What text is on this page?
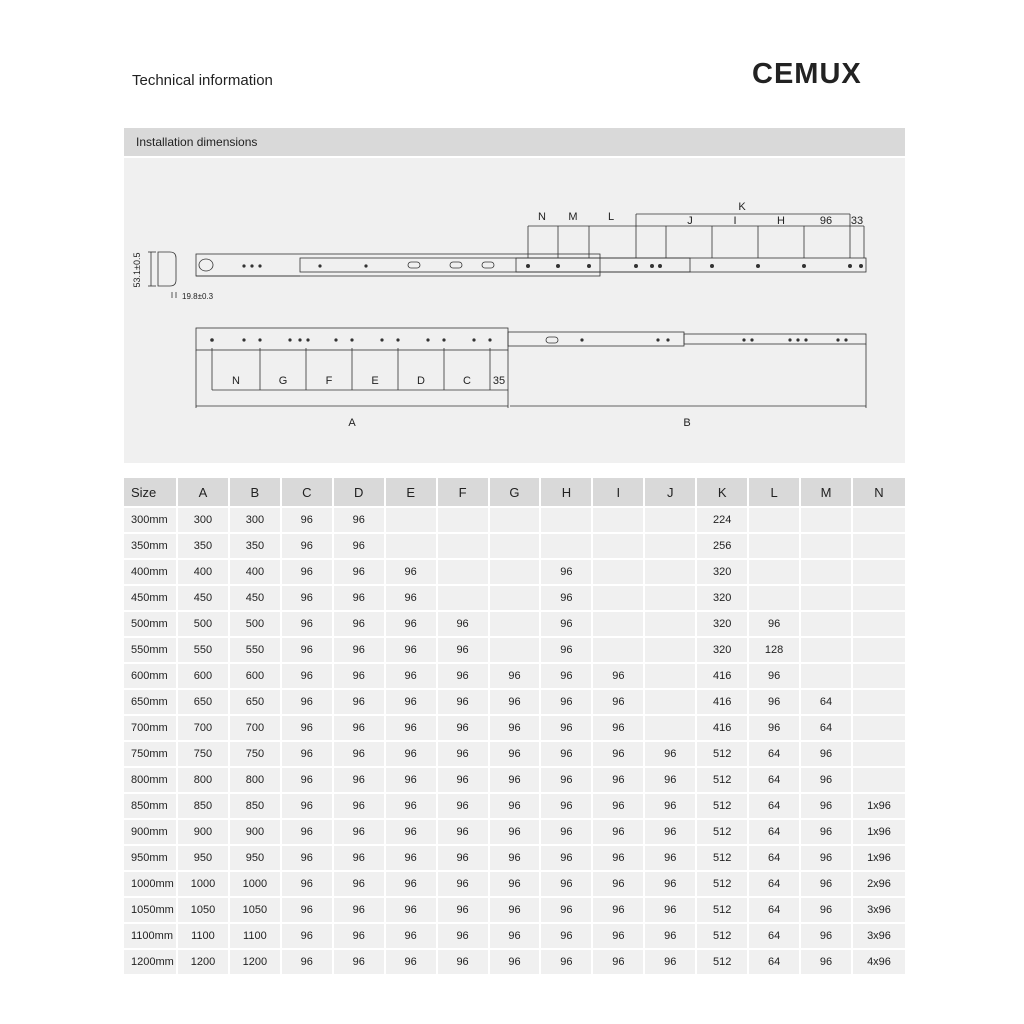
Technical information	CEMUX
Installation dimensions
53.1±0.5
19.8±0.3
N M	L
K
J	I	H	96 33
N	G	F	E	D	C 35
A	B
Size	A	B	C	D	E	F	G	H	I	J	K	L	M	N
300mm	300	300	96	96							224			
350mm	350	350	96	96							256			
400mm	400	400	96	96	96			96			320			
450mm	450	450	96	96	96			96			320			
500mm	500	500	96	96	96	96		96			320	96		
550mm	550	550	96	96	96	96		96			320	128		
600mm	600	600	96	96	96	96	96	96	96		416	96		
650mm	650	650	96	96	96	96	96	96	96		416	96	64	
700mm	700	700	96	96	96	96	96	96	96		416	96	64	
750mm	750	750	96	96	96	96	96	96	96	96	512	64	96	
800mm	800	800	96	96	96	96	96	96	96	96	512	64	96	
850mm	850	850	96	96	96	96	96	96	96	96	512	64	96	1x96
900mm	900	900	96	96	96	96	96	96	96	96	512	64	96	1x96
950mm	950	950	96	96	96	96	96	96	96	96	512	64	96	1x96
1000mm	1000	1000	96	96	96	96	96	96	96	96	512	64	96	2x96
1050mm	1050	1050	96	96	96	96	96	96	96	96	512	64	96	3x96
1100mm	1100	1100	96	96	96	96	96	96	96	96	512	64	96	3x96
1200mm	1200	1200	96	96	96	96	96	96	96	96	512	64	96	4x96
